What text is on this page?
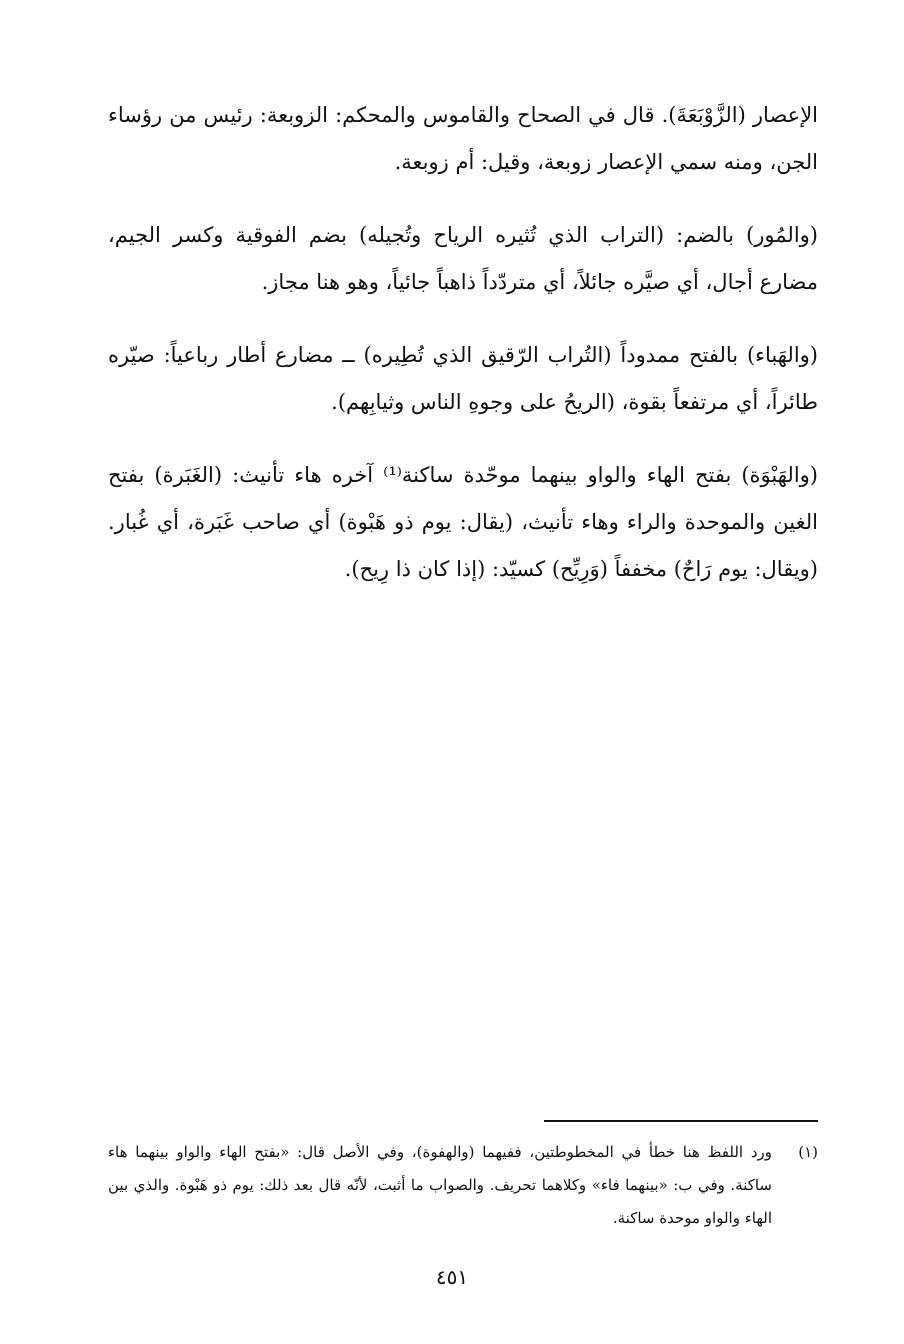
الإعصار (الزَّوْبَعَةَ). قال في الصحاح والقاموس والمحكم: الزوبعة: رئيس من رؤساء الجن، ومنه سمي الإعصار زوبعة، وقيل: أم زوبعة.

(والمُور) بالضم: (التراب الذي تُثيره الرياح وتُجيله) بضم الفوقية وكسر الجيم، مضارع أجال، أي صيَّره جائلاً، أي متردّداً ذاهباً جائياً، وهو هنا مجاز.

(والهَباء) بالفتح ممدوداً (التُراب الرّقيق الذي تُطِيره) ــ مضارع أطار رباعياً: صيّره طائراً، أي مرتفعاً بقوة، (الريحُ على وجوهِ الناس وثيابِهم).

(والهَبْوَة) بفتح الهاء والواو بينهما موحّدة ساكنة⁽¹⁾ آخره هاء تأنيث: (الغَبَرة) بفتح الغين والموحدة والراء وهاء تأنيث، (يقال: يوم ذو هَبْوة) أي صاحب غَبَرة، أي غُبار. (ويقال: يوم رَاحٌ) مخففاً (وَرِيِّح) كسيّد: (إذا كان ذا رِيح).

(١)
ورد اللفظ هنا خطأ في المخطوطتين، ففيهما (والهفوة)، وفي الأصل قال: «بفتح الهاء والواو بينهما هاء ساكنة. وفي ب: «بينهما فاء» وكلاهما تحريف. والصواب ما أثبت، لأنّه قال بعد ذلك: يوم ذو هَبْوة. والذي بين الهاء والواو موحدة ساكنة.
٤٥١
